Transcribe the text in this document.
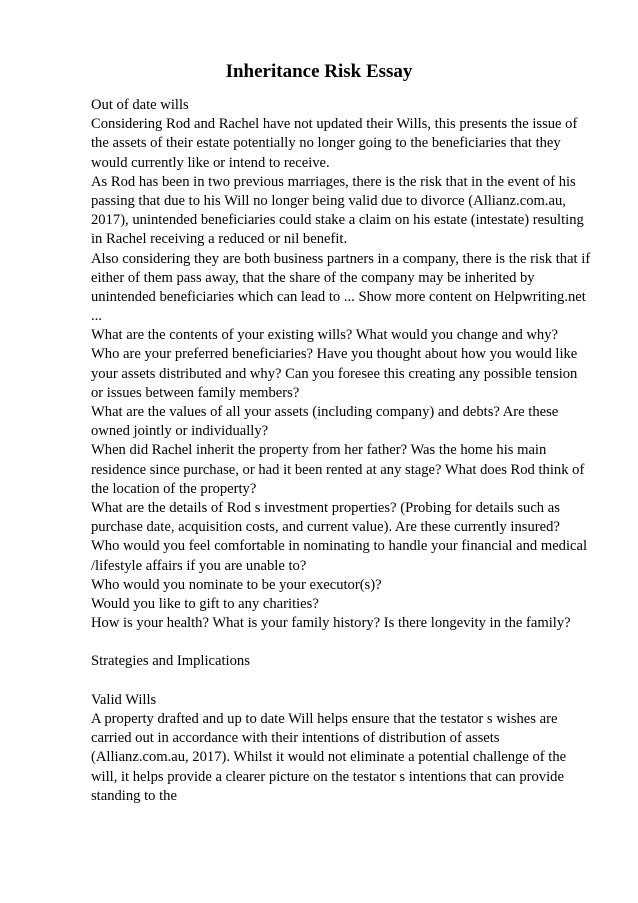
Inheritance Risk Essay
Out of date wills
Considering Rod and Rachel have not updated their Wills, this presents the issue of
the assets of their estate potentially no longer going to the beneficiaries that they
would currently like or intend to receive.
As Rod has been in two previous marriages, there is the risk that in the event of his
passing that due to his Will no longer being valid due to divorce (Allianz.com.au,
2017), unintended beneficiaries could stake a claim on his estate (intestate) resulting
in Rachel receiving a reduced or nil benefit.
Also considering they are both business partners in a company, there is the risk that if
either of them pass away, that the share of the company may be inherited by
unintended beneficiaries which can lead to ... Show more content on Helpwriting.net
...
What are the contents of your existing wills? What would you change and why?
Who are your preferred beneficiaries? Have you thought about how you would like
your assets distributed and why? Can you foresee this creating any possible tension
or issues between family members?
What are the values of all your assets (including company) and debts? Are these
owned jointly or individually?
When did Rachel inherit the property from her father? Was the home his main
residence since purchase, or had it been rented at any stage? What does Rod think of
the location of the property?
What are the details of Rod s investment properties? (Probing for details such as
purchase date, acquisition costs, and current value). Are these currently insured?
Who would you feel comfortable in nominating to handle your financial and medical
/lifestyle affairs if you are unable to?
Who would you nominate to be your executor(s)?
Would you like to gift to any charities?
How is your health? What is your family history? Is there longevity in the family?
Strategies and Implications
Valid Wills
A property drafted and up to date Will helps ensure that the testator s wishes are
carried out in accordance with their intentions of distribution of assets
(Allianz.com.au, 2017). Whilst it would not eliminate a potential challenge of the
will, it helps provide a clearer picture on the testator s intentions that can provide
standing to the
